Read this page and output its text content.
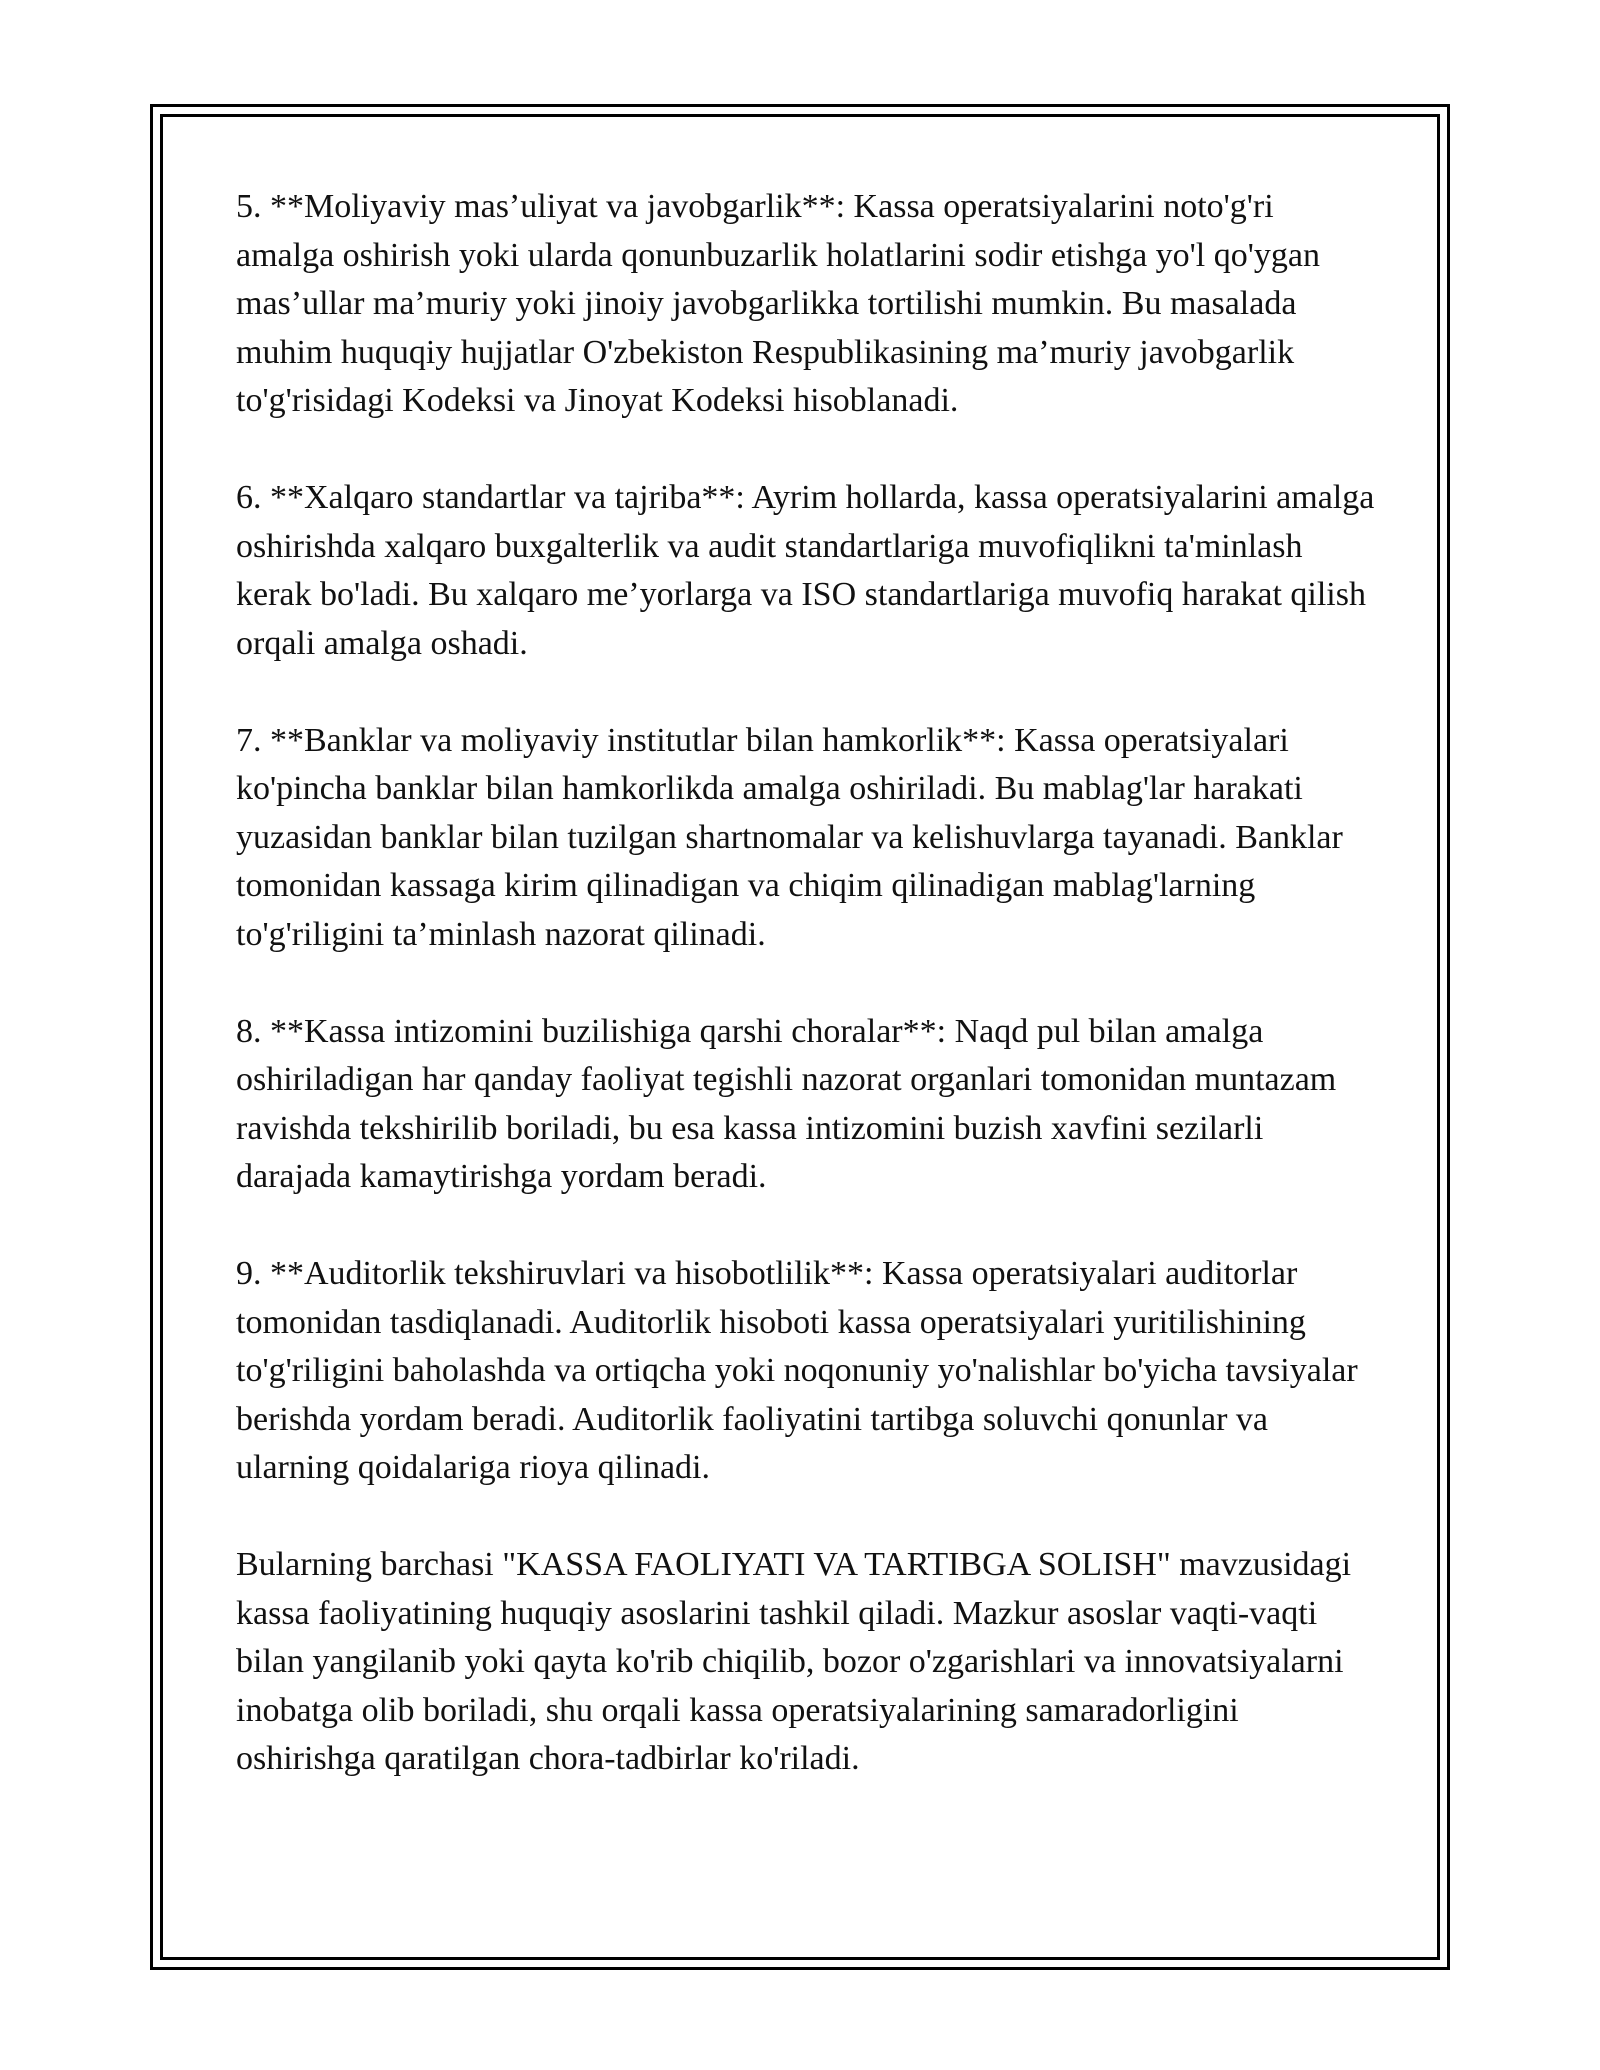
5. **Moliyaviy mas’uliyat va javobgarlik**: Kassa operatsiyalarini noto'g'ri amalga oshirish yoki ularda qonunbuzarlik holatlarini sodir etishga yo'l qo'ygan mas’ullar ma’muriy yoki jinoiy javobgarlikka tortilishi mumkin. Bu masalada muhim huquqiy hujjatlar O'zbekiston Respublikasining ma’muriy javobgarlik to'g'risidagi Kodeksi va Jinoyat Kodeksi hisoblanadi.

6. **Xalqaro standartlar va tajriba**: Ayrim hollarda, kassa operatsiyalarini amalga oshirishda xalqaro buxgalterlik va audit standartlariga muvofiqlikni ta'minlash kerak bo'ladi. Bu xalqaro me’yorlarga va ISO standartlariga muvofiq harakat qilish orqali amalga oshadi.

7. **Banklar va moliyaviy institutlar bilan hamkorlik**: Kassa operatsiyalari ko'pincha banklar bilan hamkorlikda amalga oshiriladi. Bu mablag'lar harakati yuzasidan banklar bilan tuzilgan shartnomalar va kelishuvlarga tayanadi. Banklar tomonidan kassaga kirim qilinadigan va chiqim qilinadigan mablag'larning to'g'riligini ta’minlash nazorat qilinadi.

8. **Kassa intizomini buzilishiga qarshi choralar**: Naqd pul bilan amalga oshiriladigan har qanday faoliyat tegishli nazorat organlari tomonidan muntazam ravishda tekshirilib boriladi, bu esa kassa intizomini buzish xavfini sezilarli darajada kamaytirishga yordam beradi.

9. **Auditorlik tekshiruvlari va hisobotlilik**: Kassa operatsiyalari auditorlar tomonidan tasdiqlanadi. Auditorlik hisoboti kassa operatsiyalari yuritilishining to'g'riligini baholashda va ortiqcha yoki noqonuniy yo'nalishlar bo'yicha tavsiyalar berishda yordam beradi. Auditorlik faoliyatini tartibga soluvchi qonunlar va ularning qoidalariga rioya qilinadi.

Bularning barchasi "KASSA FAOLIYATI VA TARTIBGA SOLISH" mavzusidagi kassa faoliyatining huquqiy asoslarini tashkil qiladi. Mazkur asoslar vaqti-vaqti bilan yangilanib yoki qayta ko'rib chiqilib, bozor o'zgarishlari va innovatsiyalarni inobatga olib boriladi, shu orqali kassa operatsiyalarining samaradorligini oshirishga qaratilgan chora-tadbirlar ko'riladi.
